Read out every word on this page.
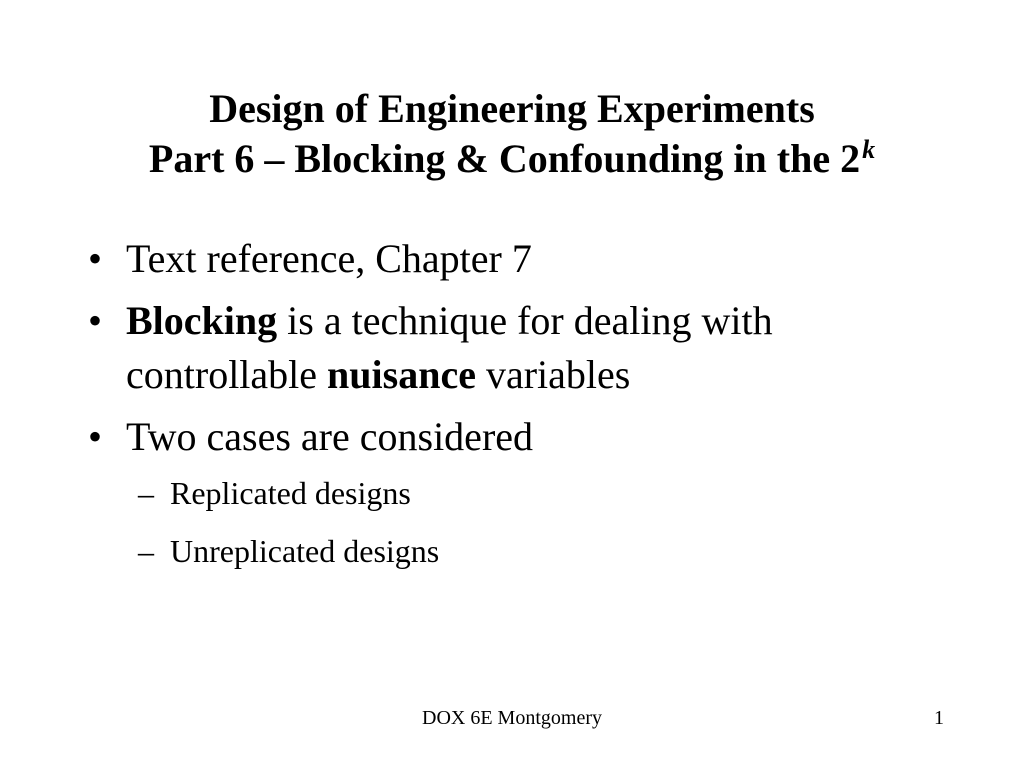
Design of Engineering Experiments
Part 6 – Blocking & Confounding in the 2$^k$
• Text reference, Chapter 7
• Blocking is a technique for dealing with controllable nuisance variables
• Two cases are considered
– Replicated designs
– Unreplicated designs
DOX 6E Montgomery	1
